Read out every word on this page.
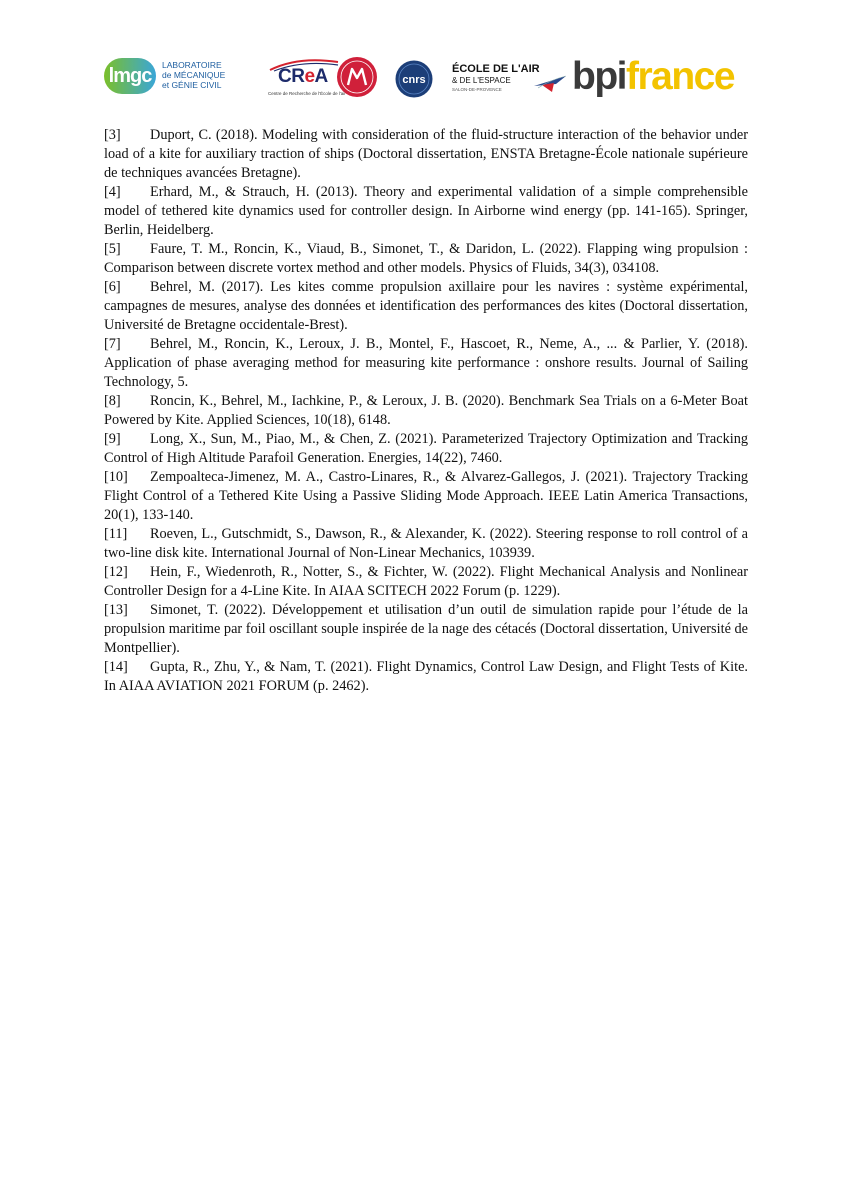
lmgc	LABORATOIRE
de MÉCANIQUE
et GÉNIE CIVIL	CReA
Centre de Recherche de l'École de l'air
cnrs
ÉCOLE DE L'AIR
& DE L'ESPACE
SALON-DE-PROVENCE bpifrance
[3] Duport, C. (2018). Modeling with consideration of the fluid-structure interaction of the behavior under load of a kite for auxiliary traction of ships (Doctoral dissertation, ENSTA Bretagne-École nationale supérieure de techniques avancées Bretagne).
[4] Erhard, M., & Strauch, H. (2013). Theory and experimental validation of a simple comprehensible model of tethered kite dynamics used for controller design. In Airborne wind energy (pp. 141-165). Springer, Berlin, Heidelberg.
[5] Faure, T. M., Roncin, K., Viaud, B., Simonet, T., & Daridon, L. (2022). Flapping wing propulsion : Comparison between discrete vortex method and other models. Physics of Fluids, 34(3), 034108.
[6] Behrel, M. (2017). Les kites comme propulsion axillaire pour les navires : système expérimental, campagnes de mesures, analyse des données et identification des performances des kites (Doctoral dissertation, Université de Bretagne occidentale-Brest).
[7] Behrel, M., Roncin, K., Leroux, J. B., Montel, F., Hascoet, R., Neme, A., ... & Parlier, Y. (2018). Application of phase averaging method for measuring kite performance : onshore results. Journal of Sailing Technology, 5.
[8] Roncin, K., Behrel, M., Iachkine, P., & Leroux, J. B. (2020). Benchmark Sea Trials on a 6-Meter Boat Powered by Kite. Applied Sciences, 10(18), 6148.
[9] Long, X., Sun, M., Piao, M., & Chen, Z. (2021). Parameterized Trajectory Optimization and Tracking Control of High Altitude Parafoil Generation. Energies, 14(22), 7460.
[10] Zempoalteca-Jimenez, M. A., Castro-Linares, R., & Alvarez-Gallegos, J. (2021). Trajectory Tracking Flight Control of a Tethered Kite Using a Passive Sliding Mode Approach. IEEE Latin America Transactions, 20(1), 133-140.
[11] Roeven, L., Gutschmidt, S., Dawson, R., & Alexander, K. (2022). Steering response to roll control of a two-line disk kite. International Journal of Non-Linear Mechanics, 103939.
[12] Hein, F., Wiedenroth, R., Notter, S., & Fichter, W. (2022). Flight Mechanical Analysis and Nonlinear Controller Design for a 4-Line Kite. In AIAA SCITECH 2022 Forum (p. 1229).
[13] Simonet, T. (2022). Développement et utilisation d’un outil de simulation rapide pour l’étude de la propulsion maritime par foil oscillant souple inspirée de la nage des cétacés (Doctoral dissertation, Université de Montpellier).
[14] Gupta, R., Zhu, Y., & Nam, T. (2021). Flight Dynamics, Control Law Design, and Flight Tests of Kite. In AIAA AVIATION 2021 FORUM (p. 2462).
